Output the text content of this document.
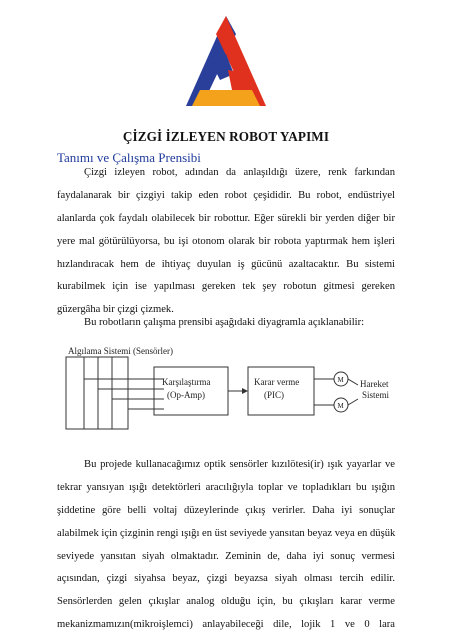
ÇİZGİ İZLEYEN ROBOT YAPIMI
Tanımı ve Çalışma Prensibi
Çizgi izleyen robot, adından da anlaşıldığı üzere, renk farkından
faydalanarak bir çizgiyi takip eden robot çeşididir. Bu robot, endüstriyel
alanlarda çok faydalı olabilecek bir robottur. Eğer sürekli bir yerden diğer bir
yere mal götürülüyorsa, bu işi otonom olarak bir robota yaptırmak hem işleri
hızlandıracak hem de ihtiyaç duyulan iş gücünü azaltacaktır. Bu sistemi
kurabilmek için ise yapılması gereken tek şey robotun gitmesi gereken
güzergâha bir çizgi çizmek.
Bu robotların çalışma prensibi aşağıdaki diyagramla açıklanabilir:
Algılama Sistemi (Sensörler)
Karşılaştırma
(Op-Amp)
Karar verme
(PIC)
M
M
Hareket
Sistemi
Bu projede kullanacağımız optik sensörler kızılötesi(ir) ışık yayarlar ve
tekrar yansıyan ışığı detektörleri aracılığıyla toplar ve topladıkları bu ışığın
şiddetine göre belli voltaj düzeylerinde çıkış verirler. Daha iyi sonuçlar
alabilmek için çizginin rengi ışığı en üst seviyede yansıtan beyaz veya en düşük
seviyede yansıtan siyah olmaktadır. Zeminin de, daha iyi sonuç vermesi
açısından, çizgi siyahsa beyaz, çizgi beyazsa siyah olması tercih edilir.
Sensörlerden gelen çıkışlar analog olduğu için, bu çıkışları karar verme
mekanizmamızın(mikroişlemci) anlayabileceği dile, lojik 1 ve 0 lara
